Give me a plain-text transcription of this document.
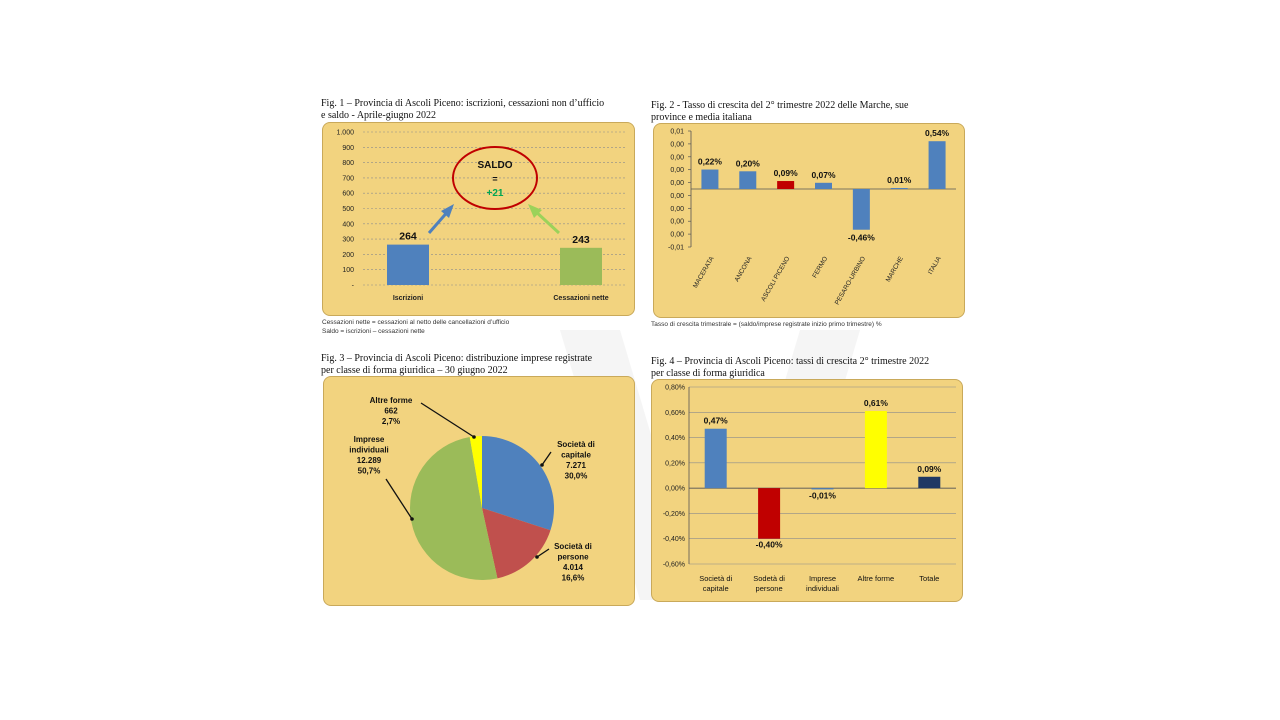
Fig. 1 – Provincia di Ascoli Piceno: iscrizioni, cessazioni non d’ufficio
e saldo - Aprile-giugno 2022
-
100
200
300
400
500
600
700
800
900
1.000
264
Iscrizioni
243
Cessazioni nette
SALDO
=
+21
Cessazioni nette = cessazioni al netto delle cancellazioni d’ufficio
Saldo = iscrizioni – cessazioni nette
Fig. 2 - Tasso di crescita del 2° trimestre 2022 delle Marche, sue
province e media italiana
-0,01
0,00
0,00
0,00
0,00
0,00
0,00
0,00
0,00
0,01
0,22%
MACERATA
0,20%
ANCONA
0,09%
ASCOLI PICENO
0,07%
FERMO
-0,46%
PESARO-URBINO
0,01%
MARCHE
0,54%
ITALIA
Tasso di crescita trimestrale = (saldo/imprese registrate inizio primo trimestre) %
Fig. 3 – Provincia di Ascoli Piceno: distribuzione imprese registrate
per classe di forma giuridica – 30 giugno 2022
Società di
capitale
7.271
30,0%
Società di
persone
4.014
16,6%
Imprese
individuali
12.289
50,7%
Altre forme
662
2,7%
Fig. 4 – Provincia di Ascoli Piceno: tassi di crescita 2° trimestre 2022
per classe di forma giuridica
-0,60%
-0,40%
-0,20%
0,00%
0,20%
0,40%
0,60%
0,80%
0,47%
Società di
capitale
-0,40%
Sodetà di
persone
-0,01%
Imprese
individuali
0,61%
Altre forme
0,09%
Totale
